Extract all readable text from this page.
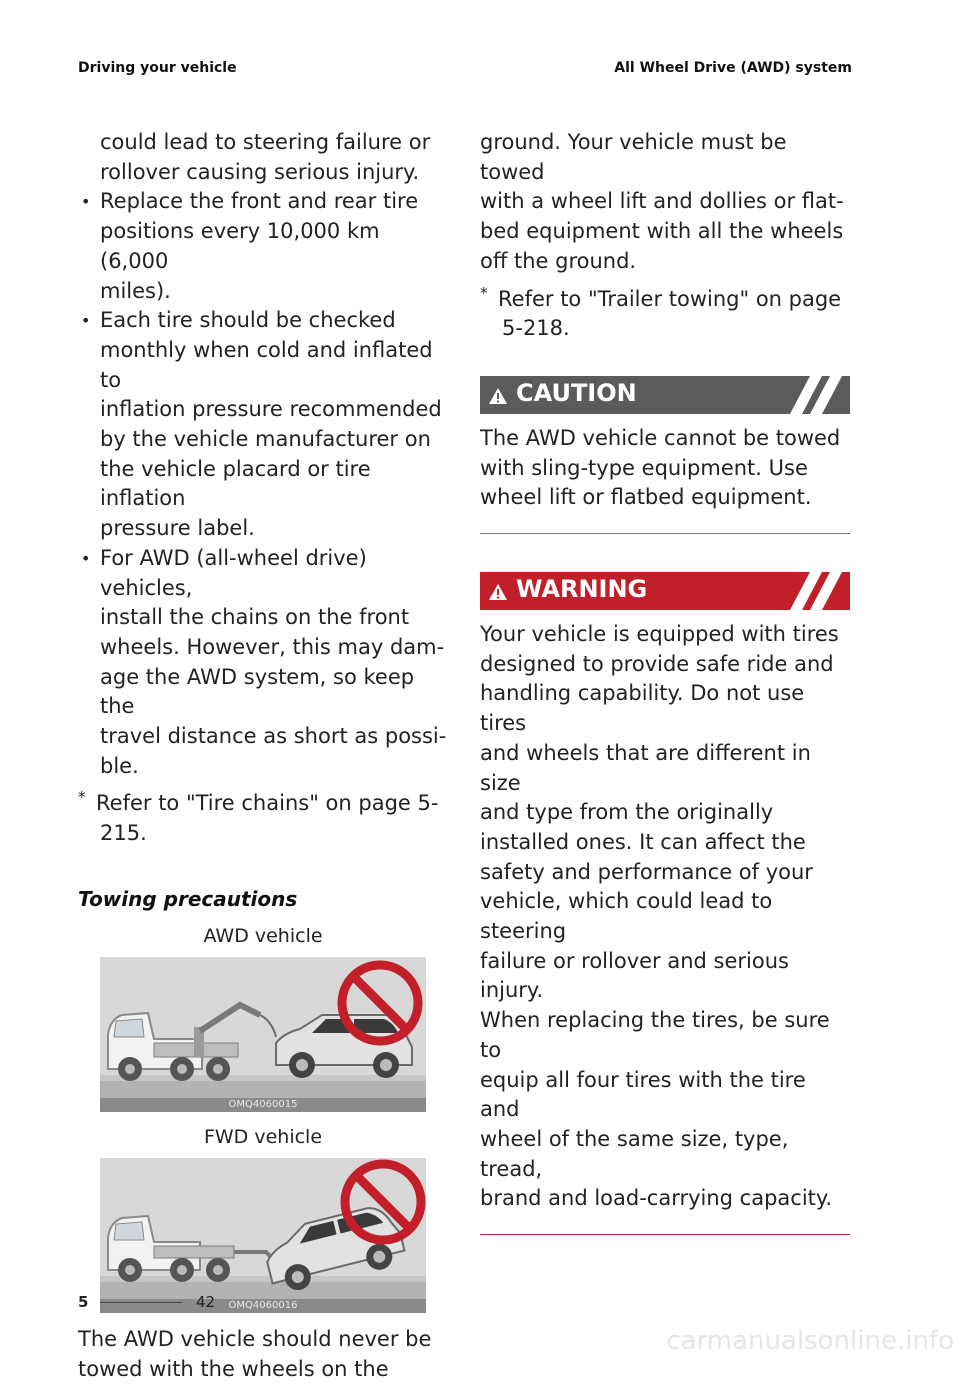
Driving your vehicle	All Wheel Drive (AWD) system

could lead to steering failure or
rollover causing serious injury.

• Replace the front and rear tire
positions every 10,000 km (6,000
miles).
• Each tire should be checked
monthly when cold and inflated to
inflation pressure recommended
by the vehicle manufacturer on
the vehicle placard or tire inflation
pressure label.
• For AWD (all-wheel drive) vehicles,
install the chains on the front
wheels. However, this may dam-
age the AWD system, so keep the
travel distance as short as possi-
ble.
* Refer to "Tire chains" on page 5-
215.
Towing precautions
AWD vehicle
OMQ4060015
FWD vehicle
OMQ4060016

The AWD vehicle should never be
towed with the wheels on the

ground. Your vehicle must be towed
with a wheel lift and dollies or flat-
bed equipment with all the wheels
off the ground.

* Refer to "Trailer towing" on page
5-218.
CAUTION

The AWD vehicle cannot be towed
with sling-type equipment. Use
wheel lift or flatbed equipment.

WARNING

Your vehicle is equipped with tires
designed to provide safe ride and
handling capability. Do not use tires
and wheels that are different in size
and type from the originally
installed ones. It can affect the
safety and performance of your
vehicle, which could lead to steering
failure or rollover and serious injury.
When replacing the tires, be sure to
equip all four tires with the tire and
wheel of the same size, type, tread,
brand and load-carrying capacity.

5	42
carmanualsonline.info
